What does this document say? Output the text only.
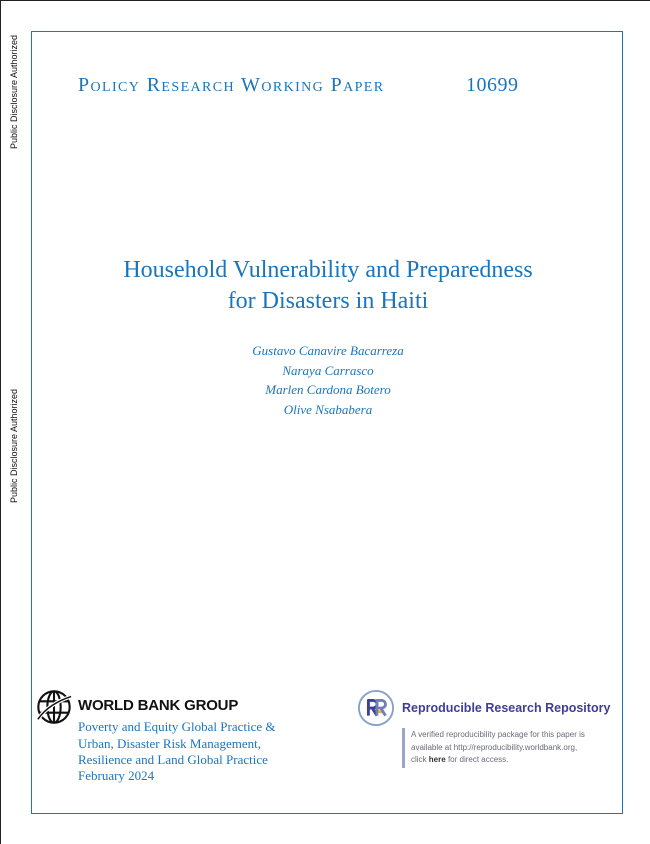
Public Disclosure Authorized
Public Disclosure Authorized
Policy Research Working Paper	10699
Household Vulnerability and Preparedness
for Disasters in Haiti
Gustavo Canavire Bacarreza
Naraya Carrasco
Marlen Cardona Botero
Olive Nsababera
WORLD BANK GROUP
Poverty and Equity Global Practice &
Urban, Disaster Risk Management,
Resilience and Land Global Practice
February 2024
Reproducible Research Repository
A verified reproducibility package for this paper is
available at http://reproducibility.worldbank.org,
click here for direct access.
